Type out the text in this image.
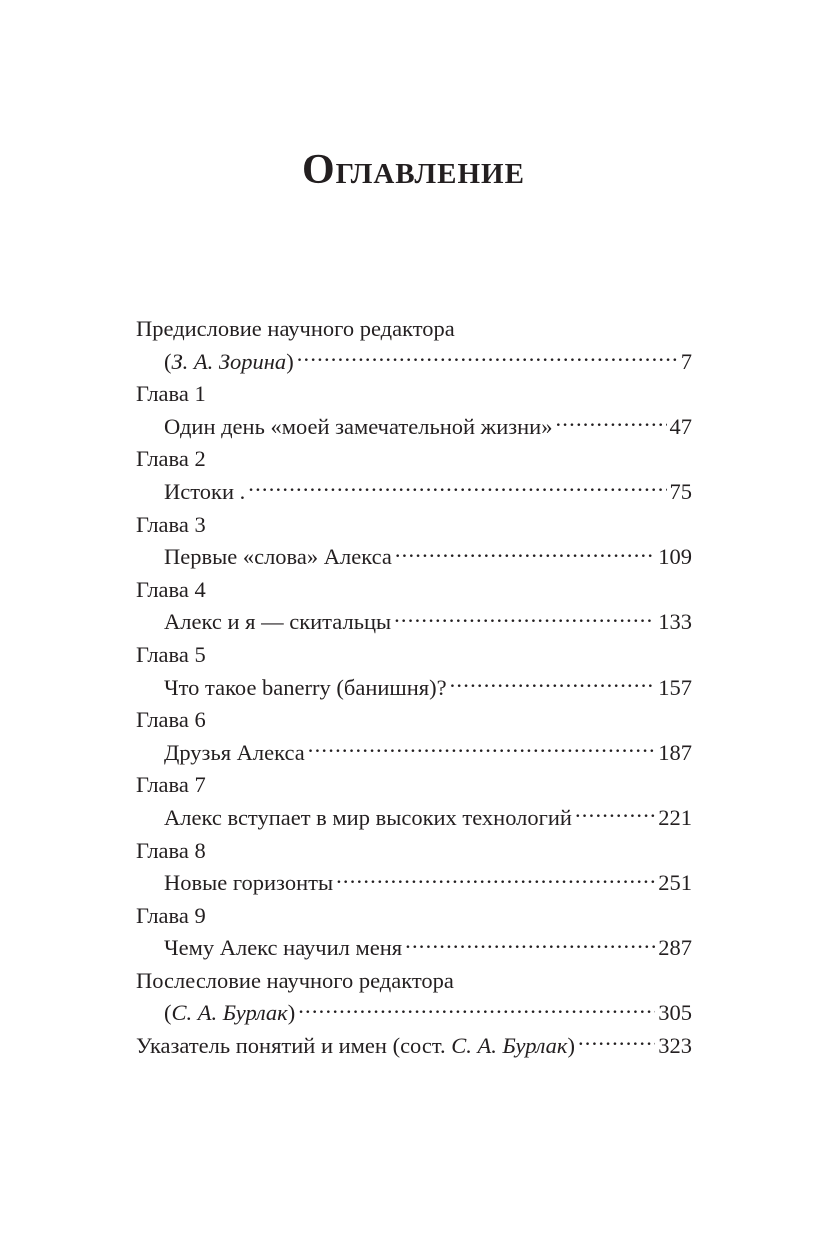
Оглавление
Предисловие научного редактора
(З. А. Зорина) .....	7
Глава 1
Один день «моей замечательной жизни» .....	47
Глава 2
Истоки . .....	75
Глава 3
Первые «слова» Алекса .....	109
Глава 4
Алекс и я — скитальцы .....	133
Глава 5
Что такое banerry (банишня)? .....	157
Глава 6
Друзья Алекса .....	187
Глава 7
Алекс вступает в мир высоких технологий .....	221
Глава 8
Новые горизонты .....	251
Глава 9
Чему Алекс научил меня .....	287
Послесловие научного редактора
(С. А. Бурлак) .....	305
Указатель понятий и имен (сост. С. А. Бурлак) .....	323
